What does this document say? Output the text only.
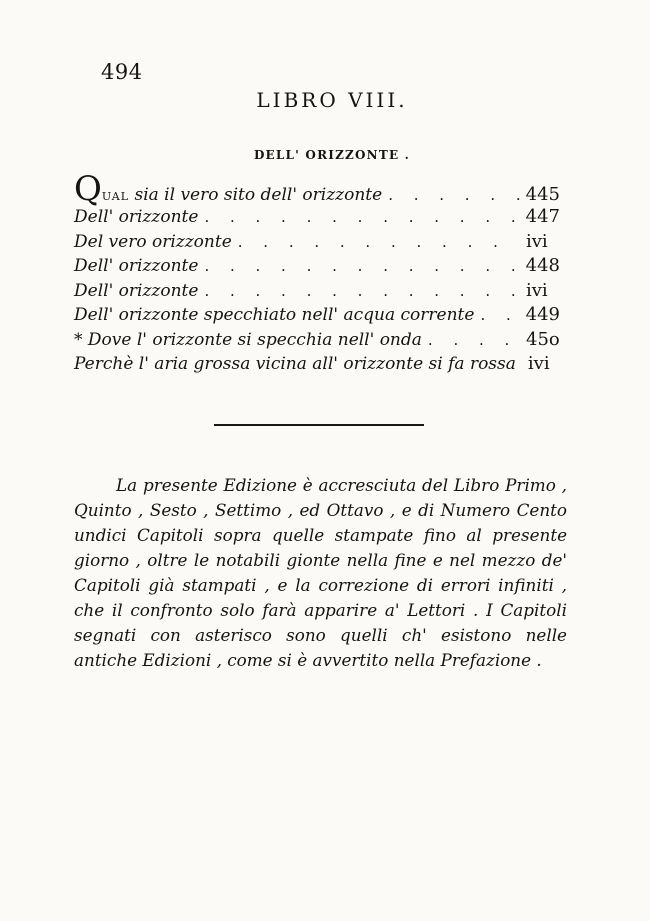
494
LIBRO VIII.
DELL' ORIZZONTE .
QUAL sia il vero sito dell' orizzonte . . .	445
Dell' orizzonte . . .	447
Del vero orizzonte . . .	ivi
Dell' orizzonte . . .	448
Dell' orizzonte . . .	ivi
Dell' orizzonte specchiato nell' acqua corrente . . .	449
* Dove l' orizzonte si specchia nell' onda . . .	45o
Perchè l' aria grossa vicina all' orizzonte si fa rossa ivi

La presente Edizione è accresciuta del Libro Primo , Quinto , Sesto , Settimo , ed Ottavo , e di Numero Cento undici Capitoli sopra quelle stampate fino al presente giorno , oltre le notabili gionte nella fine e nel mezzo de' Capitoli già stampati , e la correzione di errori infiniti , che il confronto solo farà apparire a' Lettori . I Capitoli segnati con asterisco sono quelli ch' esistono nelle antiche Edizioni , come si è avvertito nella Prefazione .
